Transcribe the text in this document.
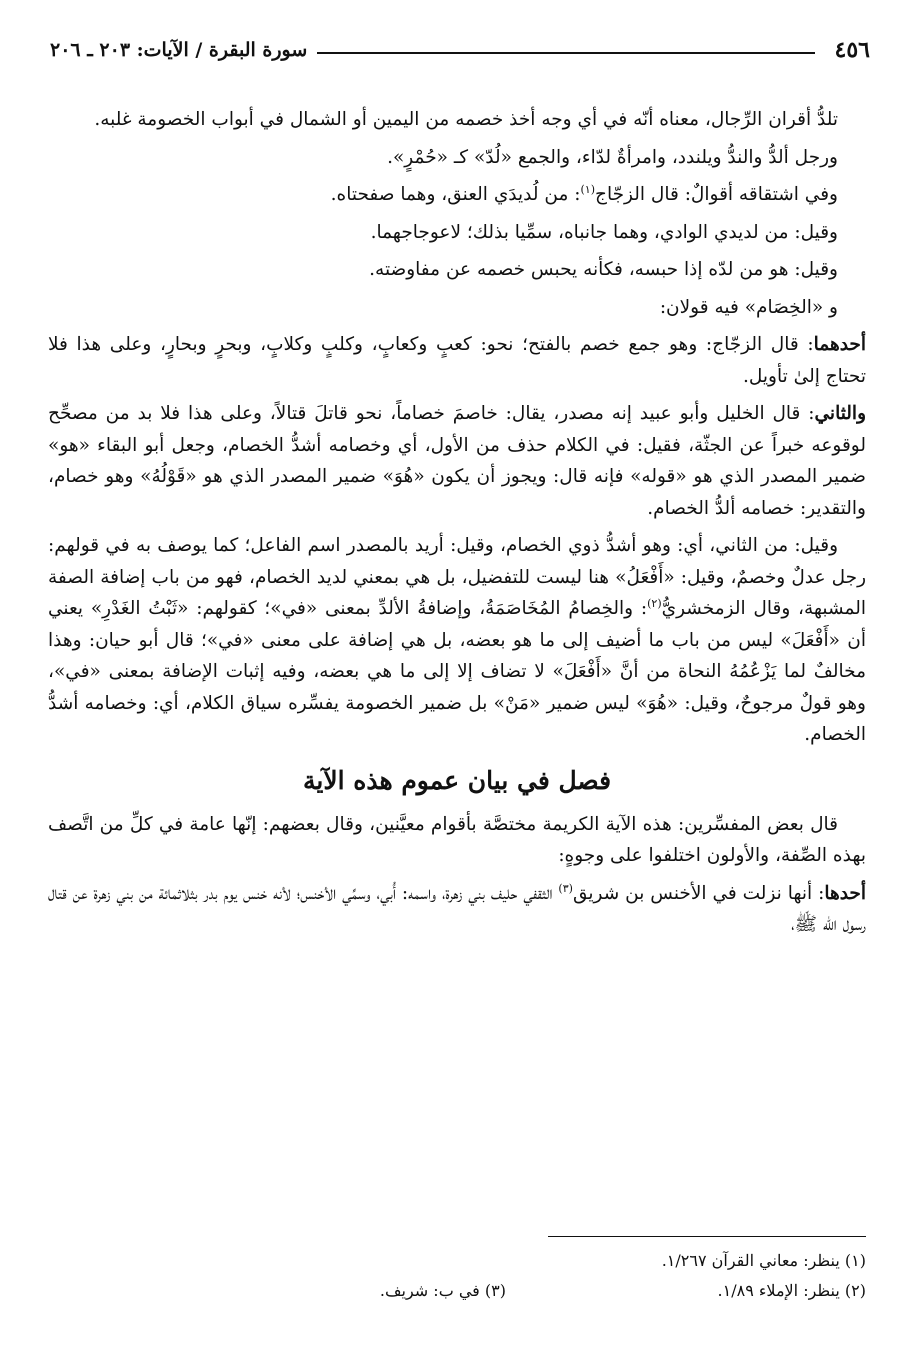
٤٥٦
سورة البقرة / الآيات: ٢٠٣ ـ ٢٠٦

تلدُّ أقران الرِّجال، معناه أنّه في أي وجه أخذ خصمه من اليمين أو الشمال في أبواب الخصومة غلبه.

ورجل ألدُّ والندُّ ويلندد، وامرأةٌ لدّاء، والجمع «لُدّ» كـ «حُمْرٍ».

وفي اشتقاقه أقوالٌ: قال الزجّاج$^{(١)}$: من لُديدَي العنق، وهما صفحتاه.

وقيل: من لديدي الوادي، وهما جانباه، سمِّيا بذلك؛ لاعوجاجهما.

وقيل: هو من لدّه إذا حبسه، فكأنه يحبس خصمه عن مفاوضته.

و «الخِصَام» فيه قولان:

أحدهما: قال الزجّاج: وهو جمع خصم بالفتح؛ نحو: كعبٍ وكعابٍ، وكلبٍ وكلابٍ، وبحرٍ وبحارٍ، وعلى هذا فلا تحتاج إلىٰ تأويل.

والثاني: قال الخليل وأبو عبيد إنه مصدر، يقال: خاصمَ خصاماً، نحو قاتلَ قتالاً، وعلى هذا فلا بد من مصحِّح لوقوعه خبراً عن الجثّة، فقيل: في الكلام حذف من الأول، أي وخصامه أشدُّ الخصام، وجعل أبو البقاء «هو» ضمير المصدر الذي هو «قوله» فإنه قال: ويجوز أن يكون «هُوَ» ضمير المصدر الذي هو «قَوْلُهُ» وهو خصام، والتقدير: خصامه ألدُّ الخصام.

وقيل: من الثاني، أي: وهو أشدُّ ذوي الخصام، وقيل: أريد بالمصدر اسم الفاعل؛ كما يوصف به في قولهم: رجل عدلٌ وخصمٌ، وقيل: «أَفْعَلُ» هنا ليست للتفضيل، بل هي بمعني لديد الخصام، فهو من باب إضافة الصفة المشبهة، وقال الزمخشريُّ$^{(٢)}$: والخِصامُ المُخَاصَمَةُ، وإضافةُ الألدِّ بمعنى «في»؛ كقولهم: «ثَبْتُ الغَدْرِ» يعني أن «أَفْعَلَ» ليس من باب ما أضيف إلى ما هو بعضه، بل هي إضافة على معنى «في»؛ قال أبو حيان: وهذا مخالفٌ لما يَزْعُمُهُ النحاة من أنَّ «أَفْعَلَ» لا تضاف إلا إلى ما هي بعضه، وفيه إثبات الإضافة بمعنى «في»، وهو قولٌ مرجوحٌ، وقيل: «هُوَ» ليس ضمير «مَنْ» بل ضمير الخصومة يفسِّره سياق الكلام، أي: وخصامه أشدُّ الخصام.

فصل في بيان عموم هذه الآية

قال بعض المفسِّرين: هذه الآية الكريمة مختصَّة بأقوام معيَّنين، وقال بعضهم: إنّها عامة في كلِّ من اتَّصف بهذه الصِّفة، والأولون اختلفوا على وجوهٍ:

أحدها: أنها نزلت في الأخنس بن شريق$^{(٣)}$ الثقفي حليف بني زهرة، واسمه: أُبي، وسمِّي الأخنس؛ لأنه خنس يوم بدر بثلاثمائة من بني زهرة عن قتال رسول الله ﷺ،

(١) ينظر: معاني القرآن ١/٢٦٧.
(٢) ينظر: الإملاء ١/٨٩.
(٣) في ب: شريف.
